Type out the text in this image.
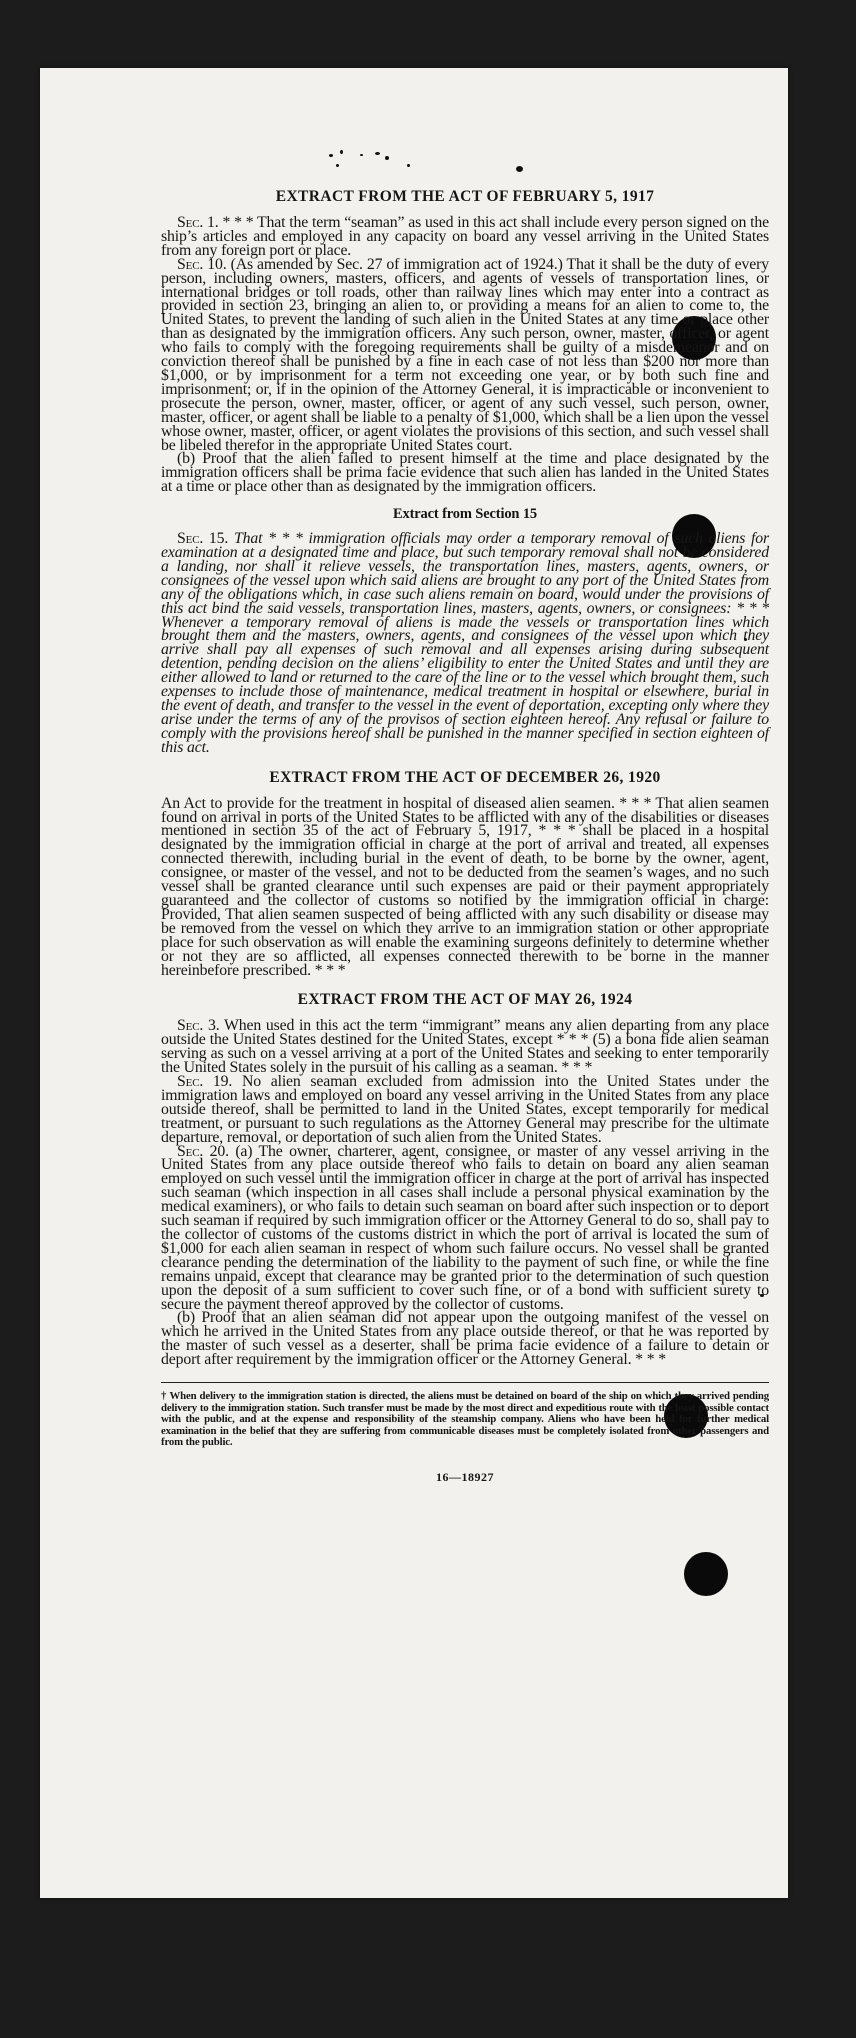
EXTRACT FROM THE ACT OF FEBRUARY 5, 1917

Sec. 1. * * * That the term “seaman” as used in this act shall include every person signed on the ship’s articles and employed in any capacity on board any vessel arriving in the United States from any foreign port or place.

Sec. 10. (As amended by Sec. 27 of immigration act of 1924.) That it shall be the duty of every person, including owners, masters, officers, and agents of vessels of transportation lines, or international bridges or toll roads, other than railway lines which may enter into a contract as provided in section 23, bringing an alien to, or providing a means for an alien to come to, the United States, to prevent the landing of such alien in the United States at any time or place other than as designated by the immigration officers. Any such person, owner, master, officer, or agent who fails to comply with the foregoing requirements shall be guilty of a misdemeanor and on conviction thereof shall be punished by a fine in each case of not less than $200 nor more than $1,000, or by imprisonment for a term not exceeding one year, or by both such fine and imprisonment; or, if in the opinion of the Attorney General, it is impracticable or inconvenient to prosecute the person, owner, master, officer, or agent of any such vessel, such person, owner, master, officer, or agent shall be liable to a penalty of $1,000, which shall be a lien upon the vessel whose owner, master, officer, or agent violates the provisions of this section, and such vessel shall be libeled therefor in the appropriate United States court.

(b) Proof that the alien failed to present himself at the time and place designated by the immigration officers shall be prima facie evidence that such alien has landed in the United States at a time or place other than as designated by the immigration officers.

Extract from Section 15

Sec. 15. That * * * immigration officials may order a temporary removal of such aliens for examination at a designated time and place, but such temporary removal shall not be considered a landing, nor shall it relieve vessels, the transportation lines, masters, agents, owners, or consignees of the vessel upon which said aliens are brought to any port of the United States from any of the obligations which, in case such aliens remain on board, would under the provisions of this act bind the said vessels, transportation lines, masters, agents, owners, or consignees: * * * Whenever a temporary removal of aliens is made the vessels or transportation lines which brought them and the masters, owners, agents, and consignees of the vessel upon which they arrive shall pay all expenses of such removal and all expenses arising during subsequent detention, pending decision on the aliens’ eligibility to enter the United States and until they are either allowed to land or returned to the care of the line or to the vessel which brought them, such expenses to include those of maintenance, medical treatment in hospital or elsewhere, burial in the event of death, and transfer to the vessel in the event of deportation, excepting only where they arise under the terms of any of the provisos of section eighteen hereof. Any refusal or failure to comply with the provisions hereof shall be punished in the manner specified in section eighteen of this act.

EXTRACT FROM THE ACT OF DECEMBER 26, 1920

An Act to provide for the treatment in hospital of diseased alien seamen. * * * That alien seamen found on arrival in ports of the United States to be afflicted with any of the disabilities or diseases mentioned in section 35 of the act of February 5, 1917, * * * shall be placed in a hospital designated by the immigration official in charge at the port of arrival and treated, all expenses connected therewith, including burial in the event of death, to be borne by the owner, agent, consignee, or master of the vessel, and not to be deducted from the seamen’s wages, and no such vessel shall be granted clearance until such expenses are paid or their payment appropriately guaranteed and the collector of customs so notified by the immigration official in charge: Provided, That alien seamen suspected of being afflicted with any such disability or disease may be removed from the vessel on which they arrive to an immigration station or other appropriate place for such observation as will enable the examining surgeons definitely to determine whether or not they are so afflicted, all expenses connected therewith to be borne in the manner hereinbefore prescribed. * * *

EXTRACT FROM THE ACT OF MAY 26, 1924

Sec. 3. When used in this act the term “immigrant” means any alien departing from any place outside the United States destined for the United States, except * * * (5) a bona fide alien seaman serving as such on a vessel arriving at a port of the United States and seeking to enter temporarily the United States solely in the pursuit of his calling as a seaman. * * *

Sec. 19. No alien seaman excluded from admission into the United States under the immigration laws and employed on board any vessel arriving in the United States from any place outside thereof, shall be permitted to land in the United States, except temporarily for medical treatment, or pursuant to such regulations as the Attorney General may prescribe for the ultimate departure, removal, or deportation of such alien from the United States.

Sec. 20. (a) The owner, charterer, agent, consignee, or master of any vessel arriving in the United States from any place outside thereof who fails to detain on board any alien seaman employed on such vessel until the immigration officer in charge at the port of arrival has inspected such seaman (which inspection in all cases shall include a personal physical examination by the medical examiners), or who fails to detain such seaman on board after such inspection or to deport such seaman if required by such immigration officer or the Attorney General to do so, shall pay to the collector of customs of the customs district in which the port of arrival is located the sum of $1,000 for each alien seaman in respect of whom such failure occurs. No vessel shall be granted clearance pending the determination of the liability to the payment of such fine, or while the fine remains unpaid, except that clearance may be granted prior to the determination of such question upon the deposit of a sum sufficient to cover such fine, or of a bond with sufficient surety to secure the payment thereof approved by the collector of customs.

(b) Proof that an alien seaman did not appear upon the outgoing manifest of the vessel on which he arrived in the United States from any place outside thereof, or that he was reported by the master of such vessel as a deserter, shall be prima facie evidence of a failure to detain or deport after requirement by the immigration officer or the Attorney General. * * *

† When delivery to the immigration station is directed, the aliens must be detained on board of the ship on which they arrived pending delivery to the immigration station. Such transfer must be made by the most direct and expeditious route with the least possible contact with the public, and at the expense and responsibility of the steamship company. Aliens who have been held for further medical examination in the belief that they are suffering from communicable diseases must be completely isolated from other passengers and from the public.

16—18927
